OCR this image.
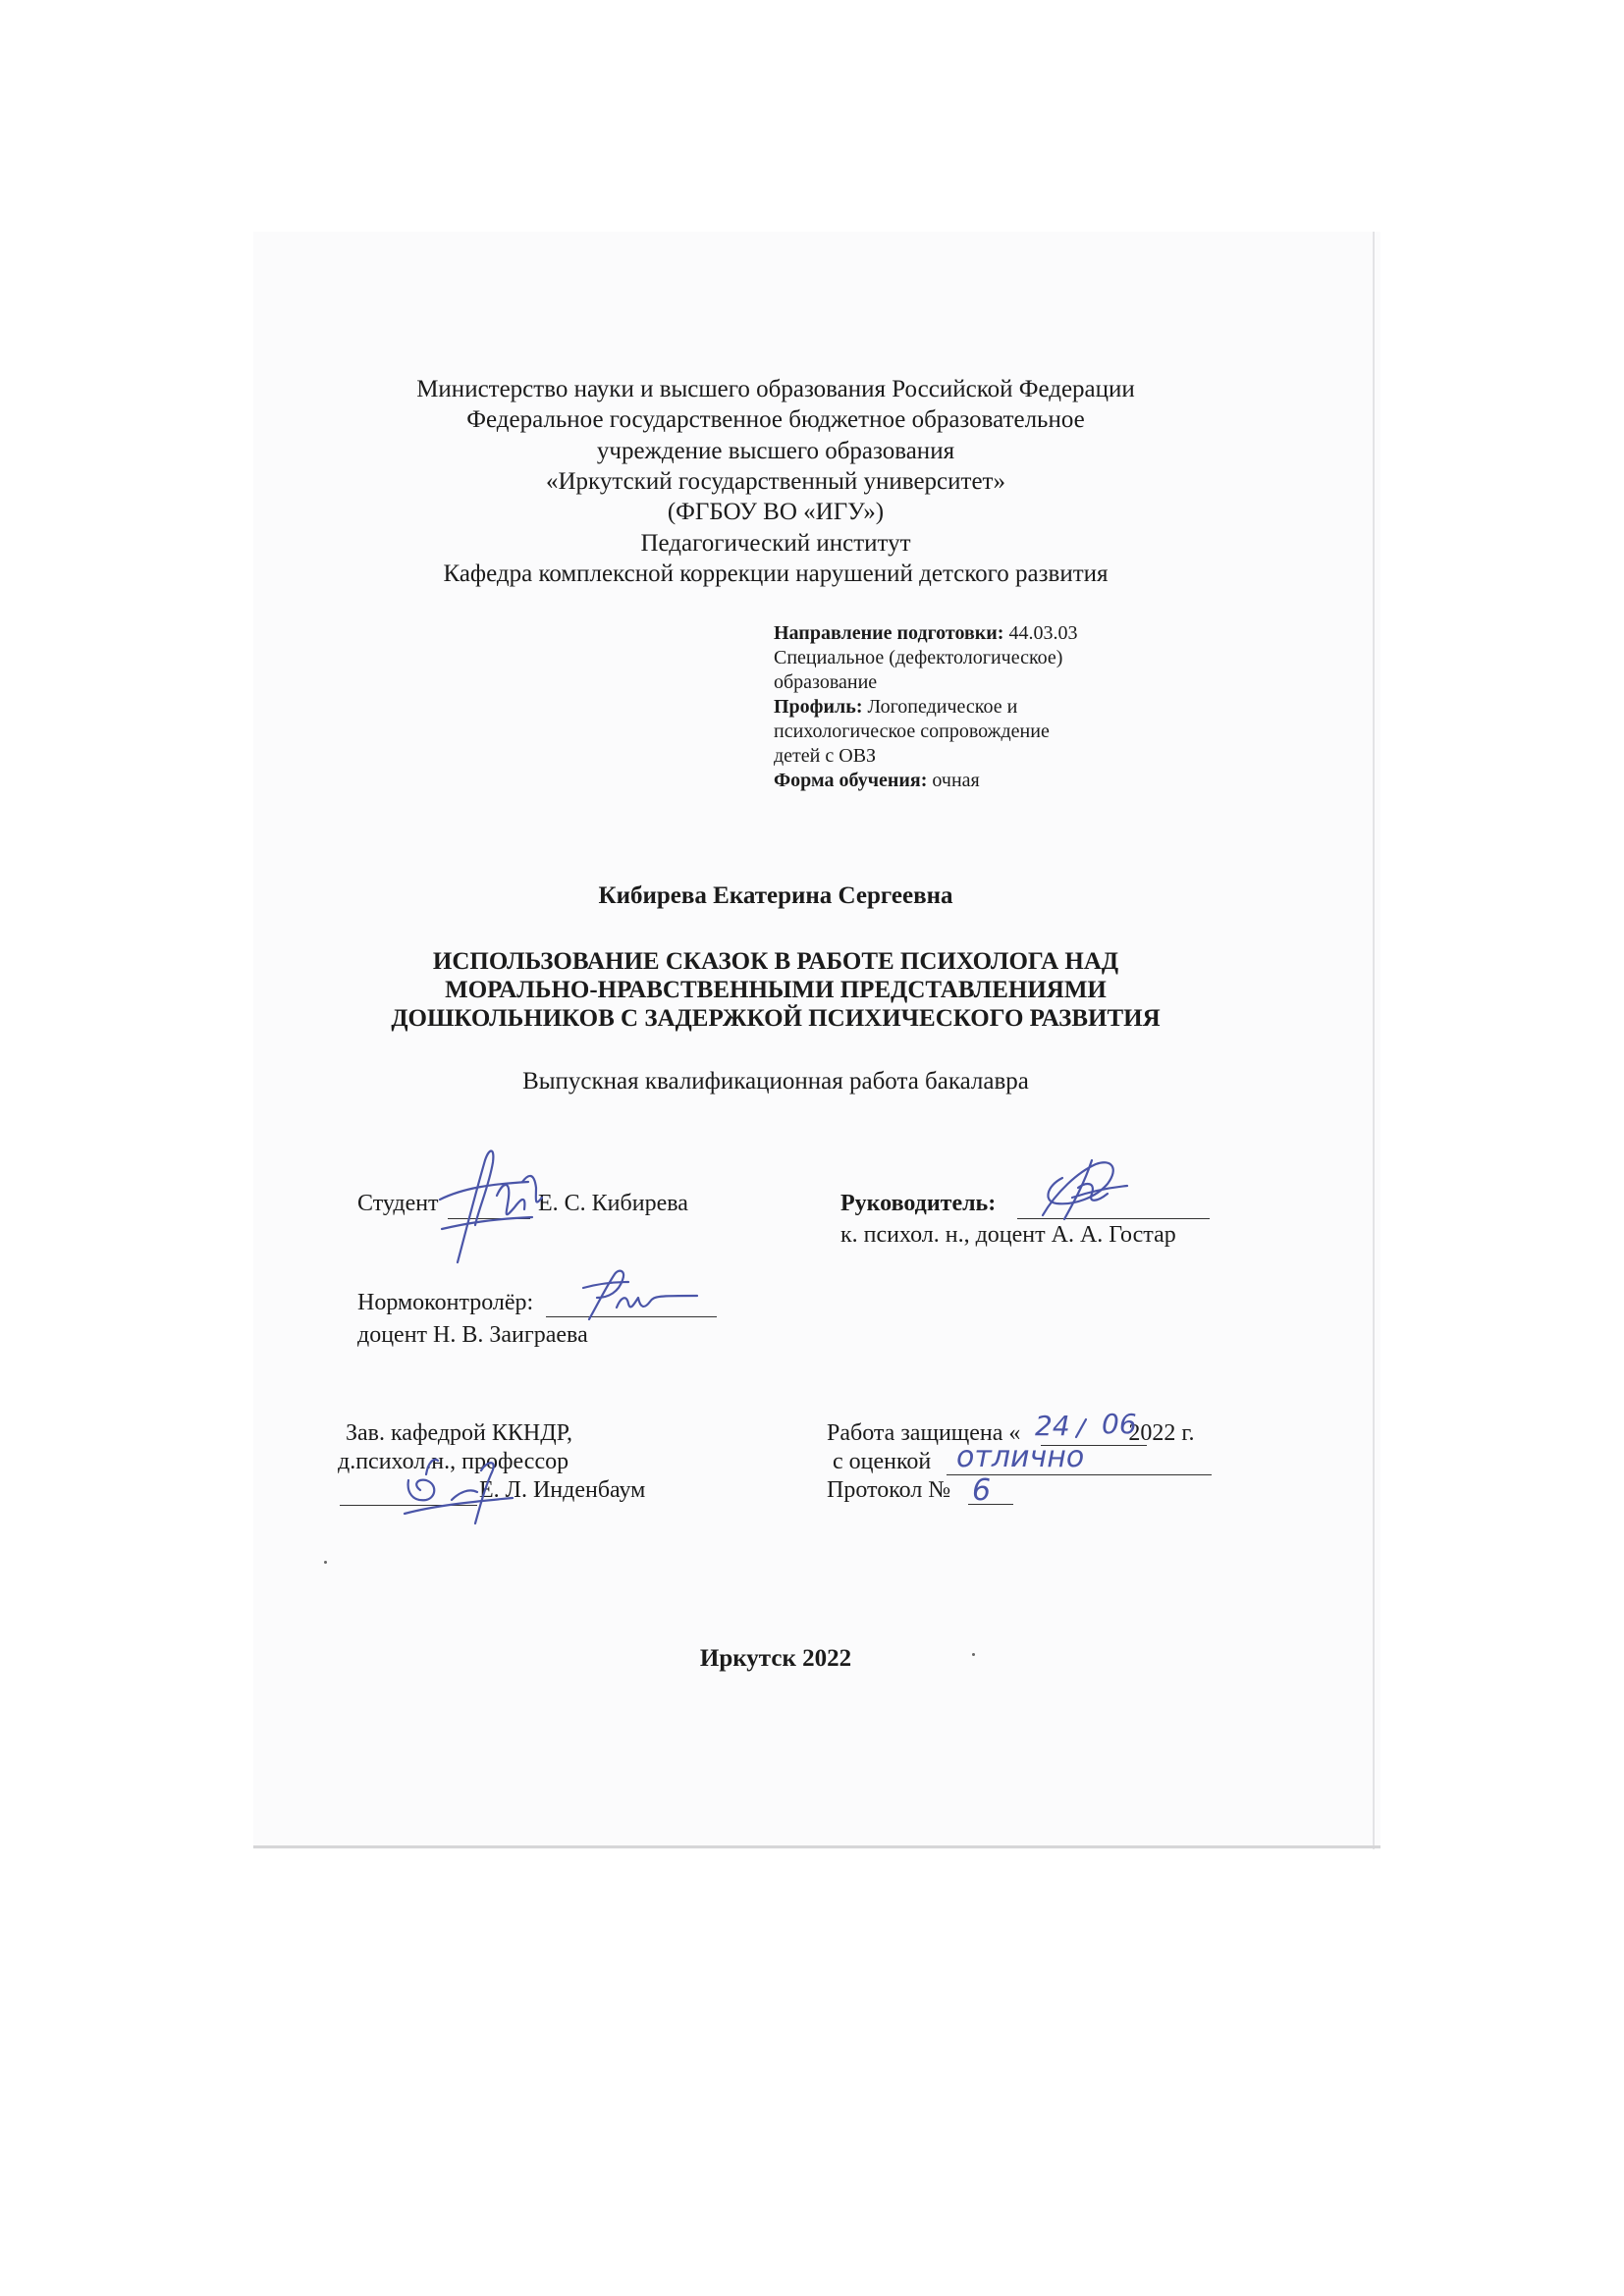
Министерство науки и высшего образования Российской Федерации
Федеральное государственное бюджетное образовательное
учреждение высшего образования
«Иркутский государственный университет»
(ФГБОУ ВО «ИГУ»)
Педагогический институт
Кафедра комплексной коррекции нарушений детского развития
Направление подготовки: 44.03.03
Специальное (дефектологическое)
образование
Профиль: Логопедическое и
психологическое сопровождение
детей с ОВЗ
Форма обучения: очная
Кибирева Екатерина Сергеевна
ИСПОЛЬЗОВАНИЕ СКАЗОК В РАБОТЕ ПСИХОЛОГА НАД
МОРАЛЬНО-НРАВСТВЕННЫМИ ПРЕДСТАВЛЕНИЯМИ
ДОШКОЛЬНИКОВ С ЗАДЕРЖКОЙ ПСИХИЧЕСКОГО РАЗВИТИЯ
Выпускная квалификационная работа бакалавра
Студент	Е. С. Кибирева	Руководитель:
к. психол. н., доцент А. А. Гостар
Нормоконтролёр:
доцент Н. В. Заиграева
Зав. кафедрой ККНДР,
д.психол.н., профессор
Е. Л. Инденбаум
Работа защищена «	2022 г.
24 06
с оценкой отлично
Протокол № 6
Иркутск 2022
